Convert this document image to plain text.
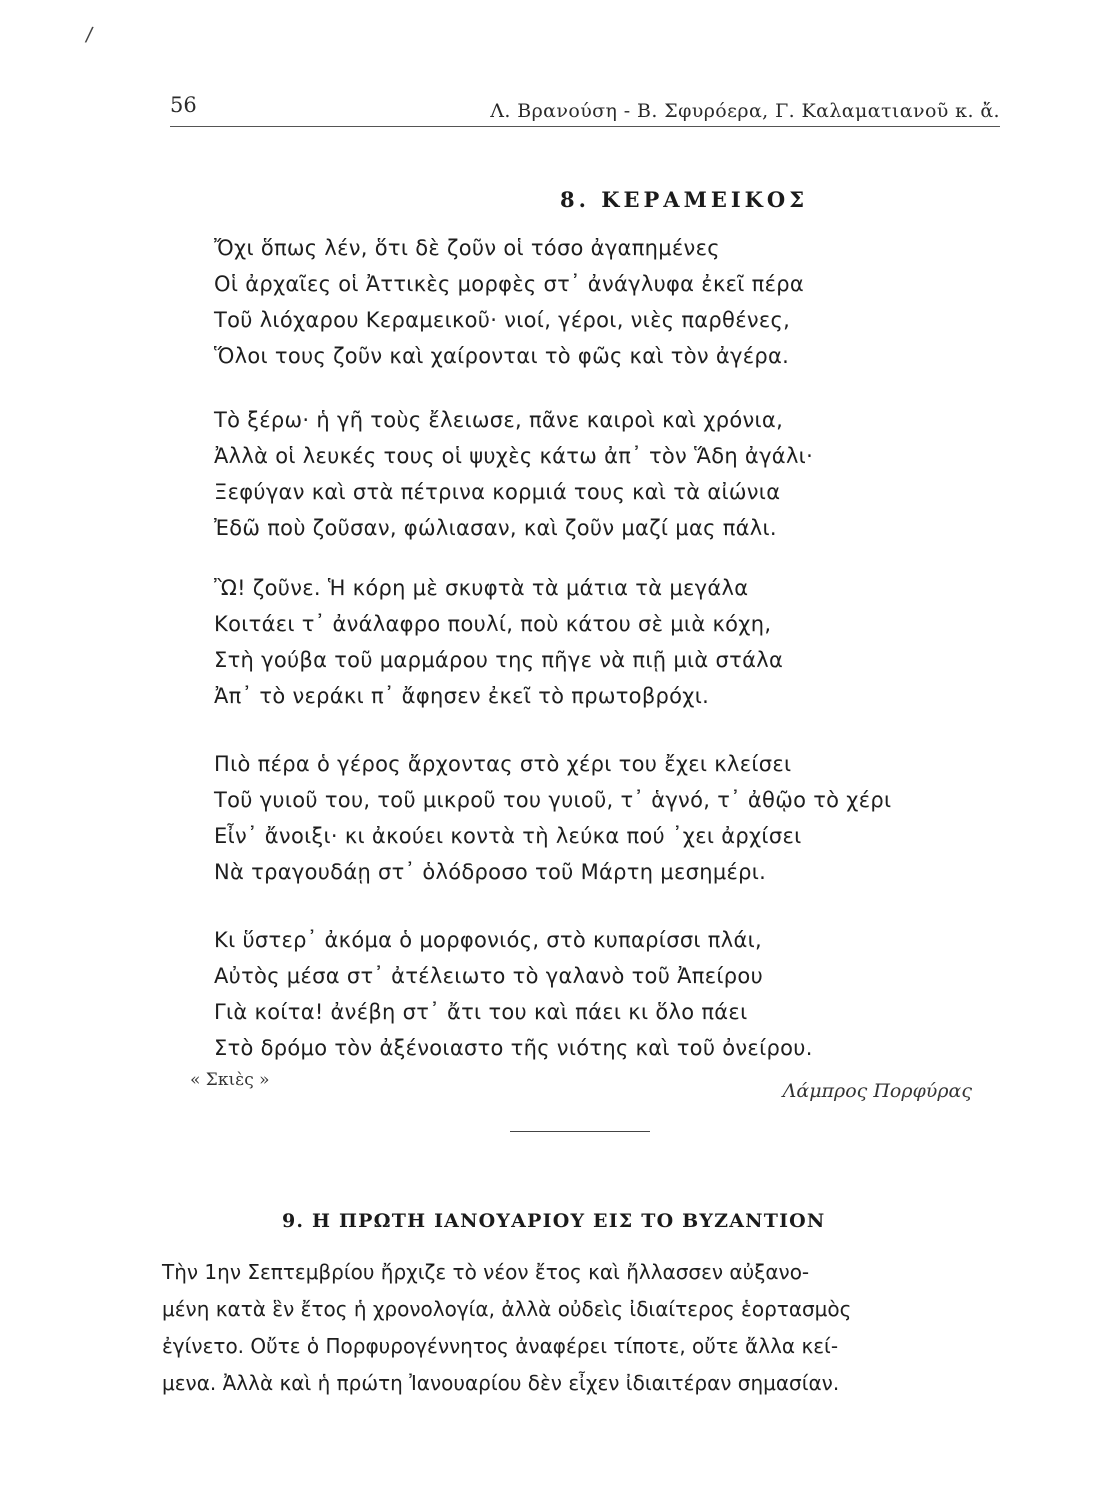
/
56	Λ. Βρανούση - Β. Σφυρόερα, Γ. Καλαματιανοῦ κ. ἄ.
8. ΚΕΡΑΜΕΙΚΟΣ
Ὄχι ὅπως λέν, ὅτι δὲ ζοῦν οἱ τόσο ἀγαπημένες
Οἱ ἀρχαῖες οἱ Ἀττικὲς μορφὲς στ᾽ ἀνάγλυφα ἐκεῖ πέρα
Τοῦ λιόχαρου Κεραμεικοῦ· νιοί, γέροι, νιὲς παρθένες,
Ὅλοι τους ζοῦν καὶ χαίρονται τὸ φῶς καὶ τὸν ἀγέρα.
Τὸ ξέρω· ἡ γῆ τοὺς ἔλειωσε, πᾶνε καιροὶ καὶ χρόνια,
Ἀλλὰ οἱ λευκές τους οἱ ψυχὲς κάτω ἀπ᾽ τὸν Ἅδη ἀγάλι·
Ξεφύγαν καὶ στὰ πέτρινα κορμιά τους καὶ τὰ αἰώνια
Ἐδῶ ποὺ ζοῦσαν, φώλιασαν, καὶ ζοῦν μαζί μας πάλι.
Ὢ! ζοῦνε. Ἡ κόρη μὲ σκυφτὰ τὰ μάτια τὰ μεγάλα
Κοιτάει τ᾽ ἀνάλαφρο πουλί, ποὺ κάτου σὲ μιὰ κόχη,
Στὴ γούβα τοῦ μαρμάρου της πῆγε νὰ πιῇ μιὰ στάλα
Ἀπ᾽ τὸ νεράκι π᾽ ἄφησεν ἐκεῖ τὸ πρωτοβρόχι.
Πιὸ πέρα ὁ γέρος ἄρχοντας στὸ χέρι του ἔχει κλείσει
Τοῦ γυιοῦ του, τοῦ μικροῦ του γυιοῦ, τ᾽ ἁγνό, τ᾽ ἀθῷο τὸ χέρι
Εἶν᾽ ἄνοιξι· κι ἀκούει κοντὰ τὴ λεύκα πού ᾽χει ἀρχίσει
Νὰ τραγουδάῃ στ᾽ ὁλόδροσο τοῦ Μάρτη μεσημέρι.
Κι ὕστερ᾽ ἀκόμα ὁ μορφονιός, στὸ κυπαρίσσι πλάι,
Αὐτὸς μέσα στ᾽ ἀτέλειωτο τὸ γαλανὸ τοῦ Ἀπείρου
Γιὰ κοίτα! ἀνέβη στ᾽ ἄτι του καὶ πάει κι ὅλο πάει
Στὸ δρόμο τὸν ἀξένοιαστο τῆς νιότης καὶ τοῦ ὀνείρου.
« Σκιὲς »	Λάμπρος Πορφύρας
9. Η ΠΡΩΤΗ ΙΑΝΟΥΑΡΙΟΥ ΕΙΣ ΤΟ ΒΥΖΑΝΤΙΟΝ
Τὴν 1ην Σεπτεμβρίου ἤρχιζε τὸ νέον ἔτος καὶ ἤλλασσεν αὐξανο-
μένη κατὰ ἓν ἔτος ἡ χρονολογία, ἀλλὰ οὐδεὶς ἰδιαίτερος ἑορτασμὸς
ἐγίνετο. Οὔτε ὁ Πορφυρογέννητος ἀναφέρει τίποτε, οὔτε ἄλλα κεί-
μενα. Ἀλλὰ καὶ ἡ πρώτη Ἰανουαρίου δὲν εἶχεν ἰδιαιτέραν σημασίαν.
